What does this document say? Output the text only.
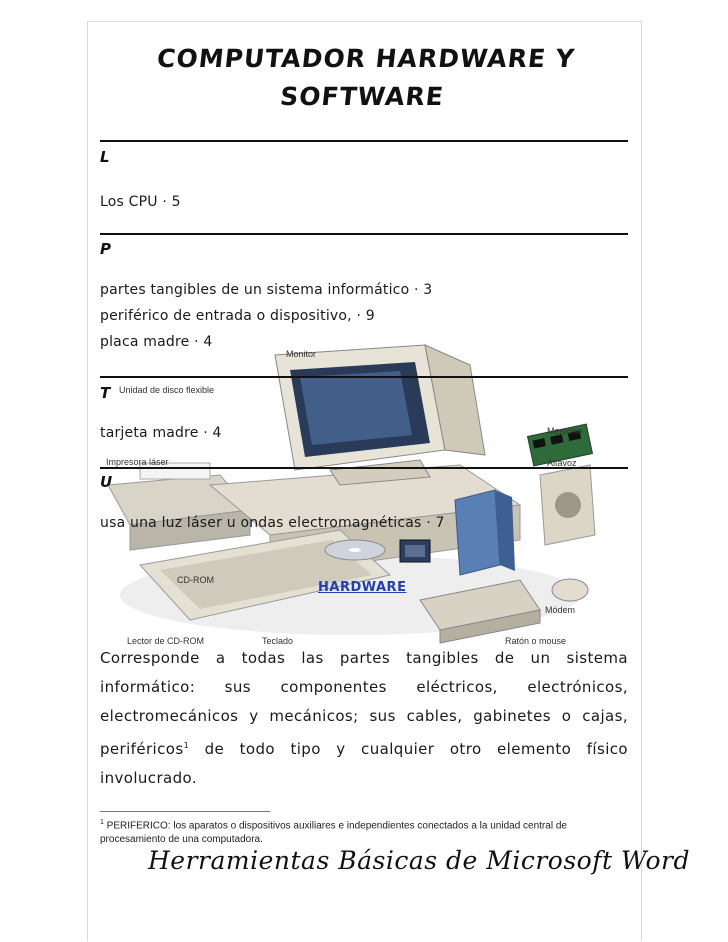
COMPUTADOR HARDWARE Y
SOFTWARE
Monitor
Unidad de disco flexible
Impresora láser
Memoria
Altavoz
CD-ROM
Módem
Lector de CD-ROM	Teclado	Ratón o mouse
L
Los CPU · 5
P
partes tangibles de un sistema informático · 3
periférico de entrada o dispositivo, · 9
placa madre · 4
T
tarjeta madre · 4
U
usa una luz láser u ondas electromagnéticas · 7
HARDWARE
Corresponde a todas las partes tangibles de un sistema informático: sus componentes eléctricos, electrónicos, electromecánicos y mecánicos; sus cables, gabinetes o cajas, periféricos$^1$ de todo tipo y cualquier otro elemento físico involucrado.
$^1$ PERIFERICO: los aparatos o dispositivos auxiliares e independientes conectados a la unidad central de procesamiento de una computadora.
Herramientas Básicas de Microsoft Word
